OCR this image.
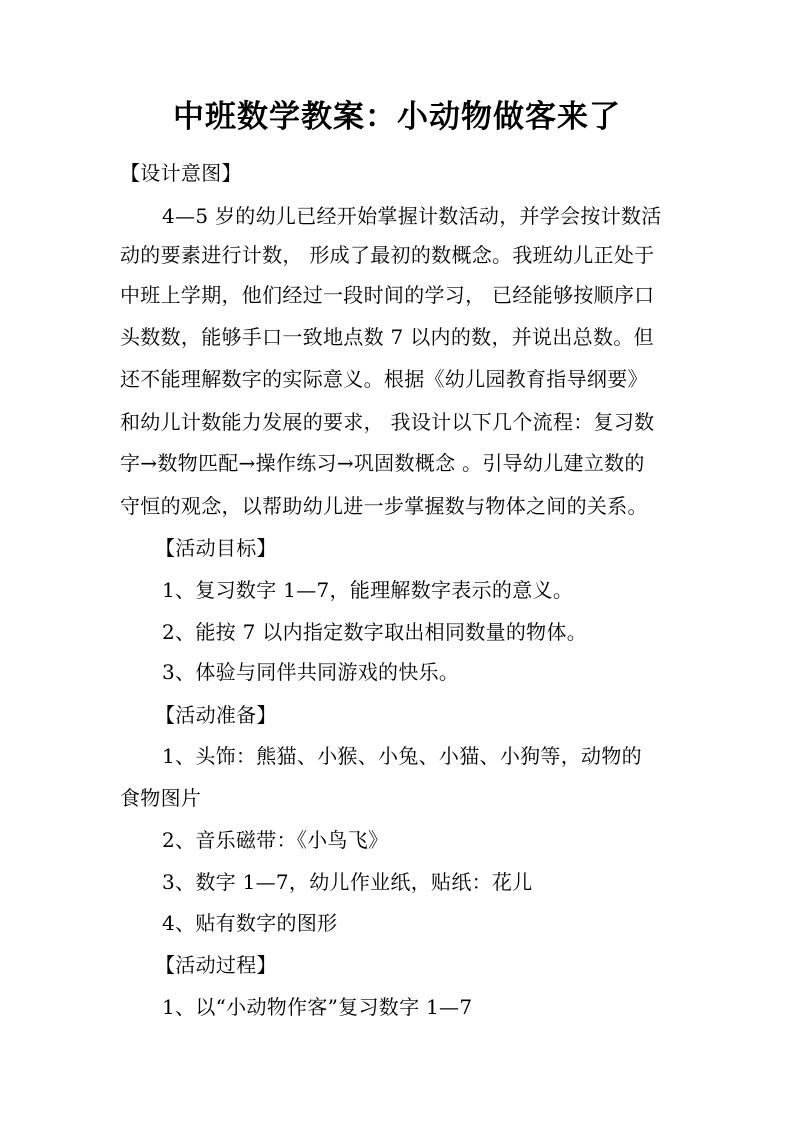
中班数学教案：小动物做客来了
【设计意图】
4—5 岁的幼儿已经开始掌握计数活动，并学会按计数活
动的要素进行计数， 形成了最初的数概念。我班幼儿正处于
中班上学期，他们经过一段时间的学习， 已经能够按顺序口
头数数，能够手口一致地点数 7 以内的数，并说出总数。但
还不能理解数字的实际意义。根据《幼儿园教育指导纲要》
和幼儿计数能力发展的要求， 我设计以下几个流程：复习数
字→数物匹配→操作练习→巩固数概念 。引导幼儿建立数的
守恒的观念，以帮助幼儿进一步掌握数与物体之间的关系。
【活动目标】
1、复习数字 1—7，能理解数字表示的意义。
2、能按 7 以内指定数字取出相同数量的物体。
3、体验与同伴共同游戏的快乐。
【活动准备】
1、头饰：熊猫、小猴、小兔、小猫、小狗等，动物的
食物图片
2、音乐磁带：《小鸟飞》
3、数字 1—7，幼儿作业纸，贴纸：花儿
4、贴有数字的图形
【活动过程】
1、以“小动物作客”复习数字 1—7
